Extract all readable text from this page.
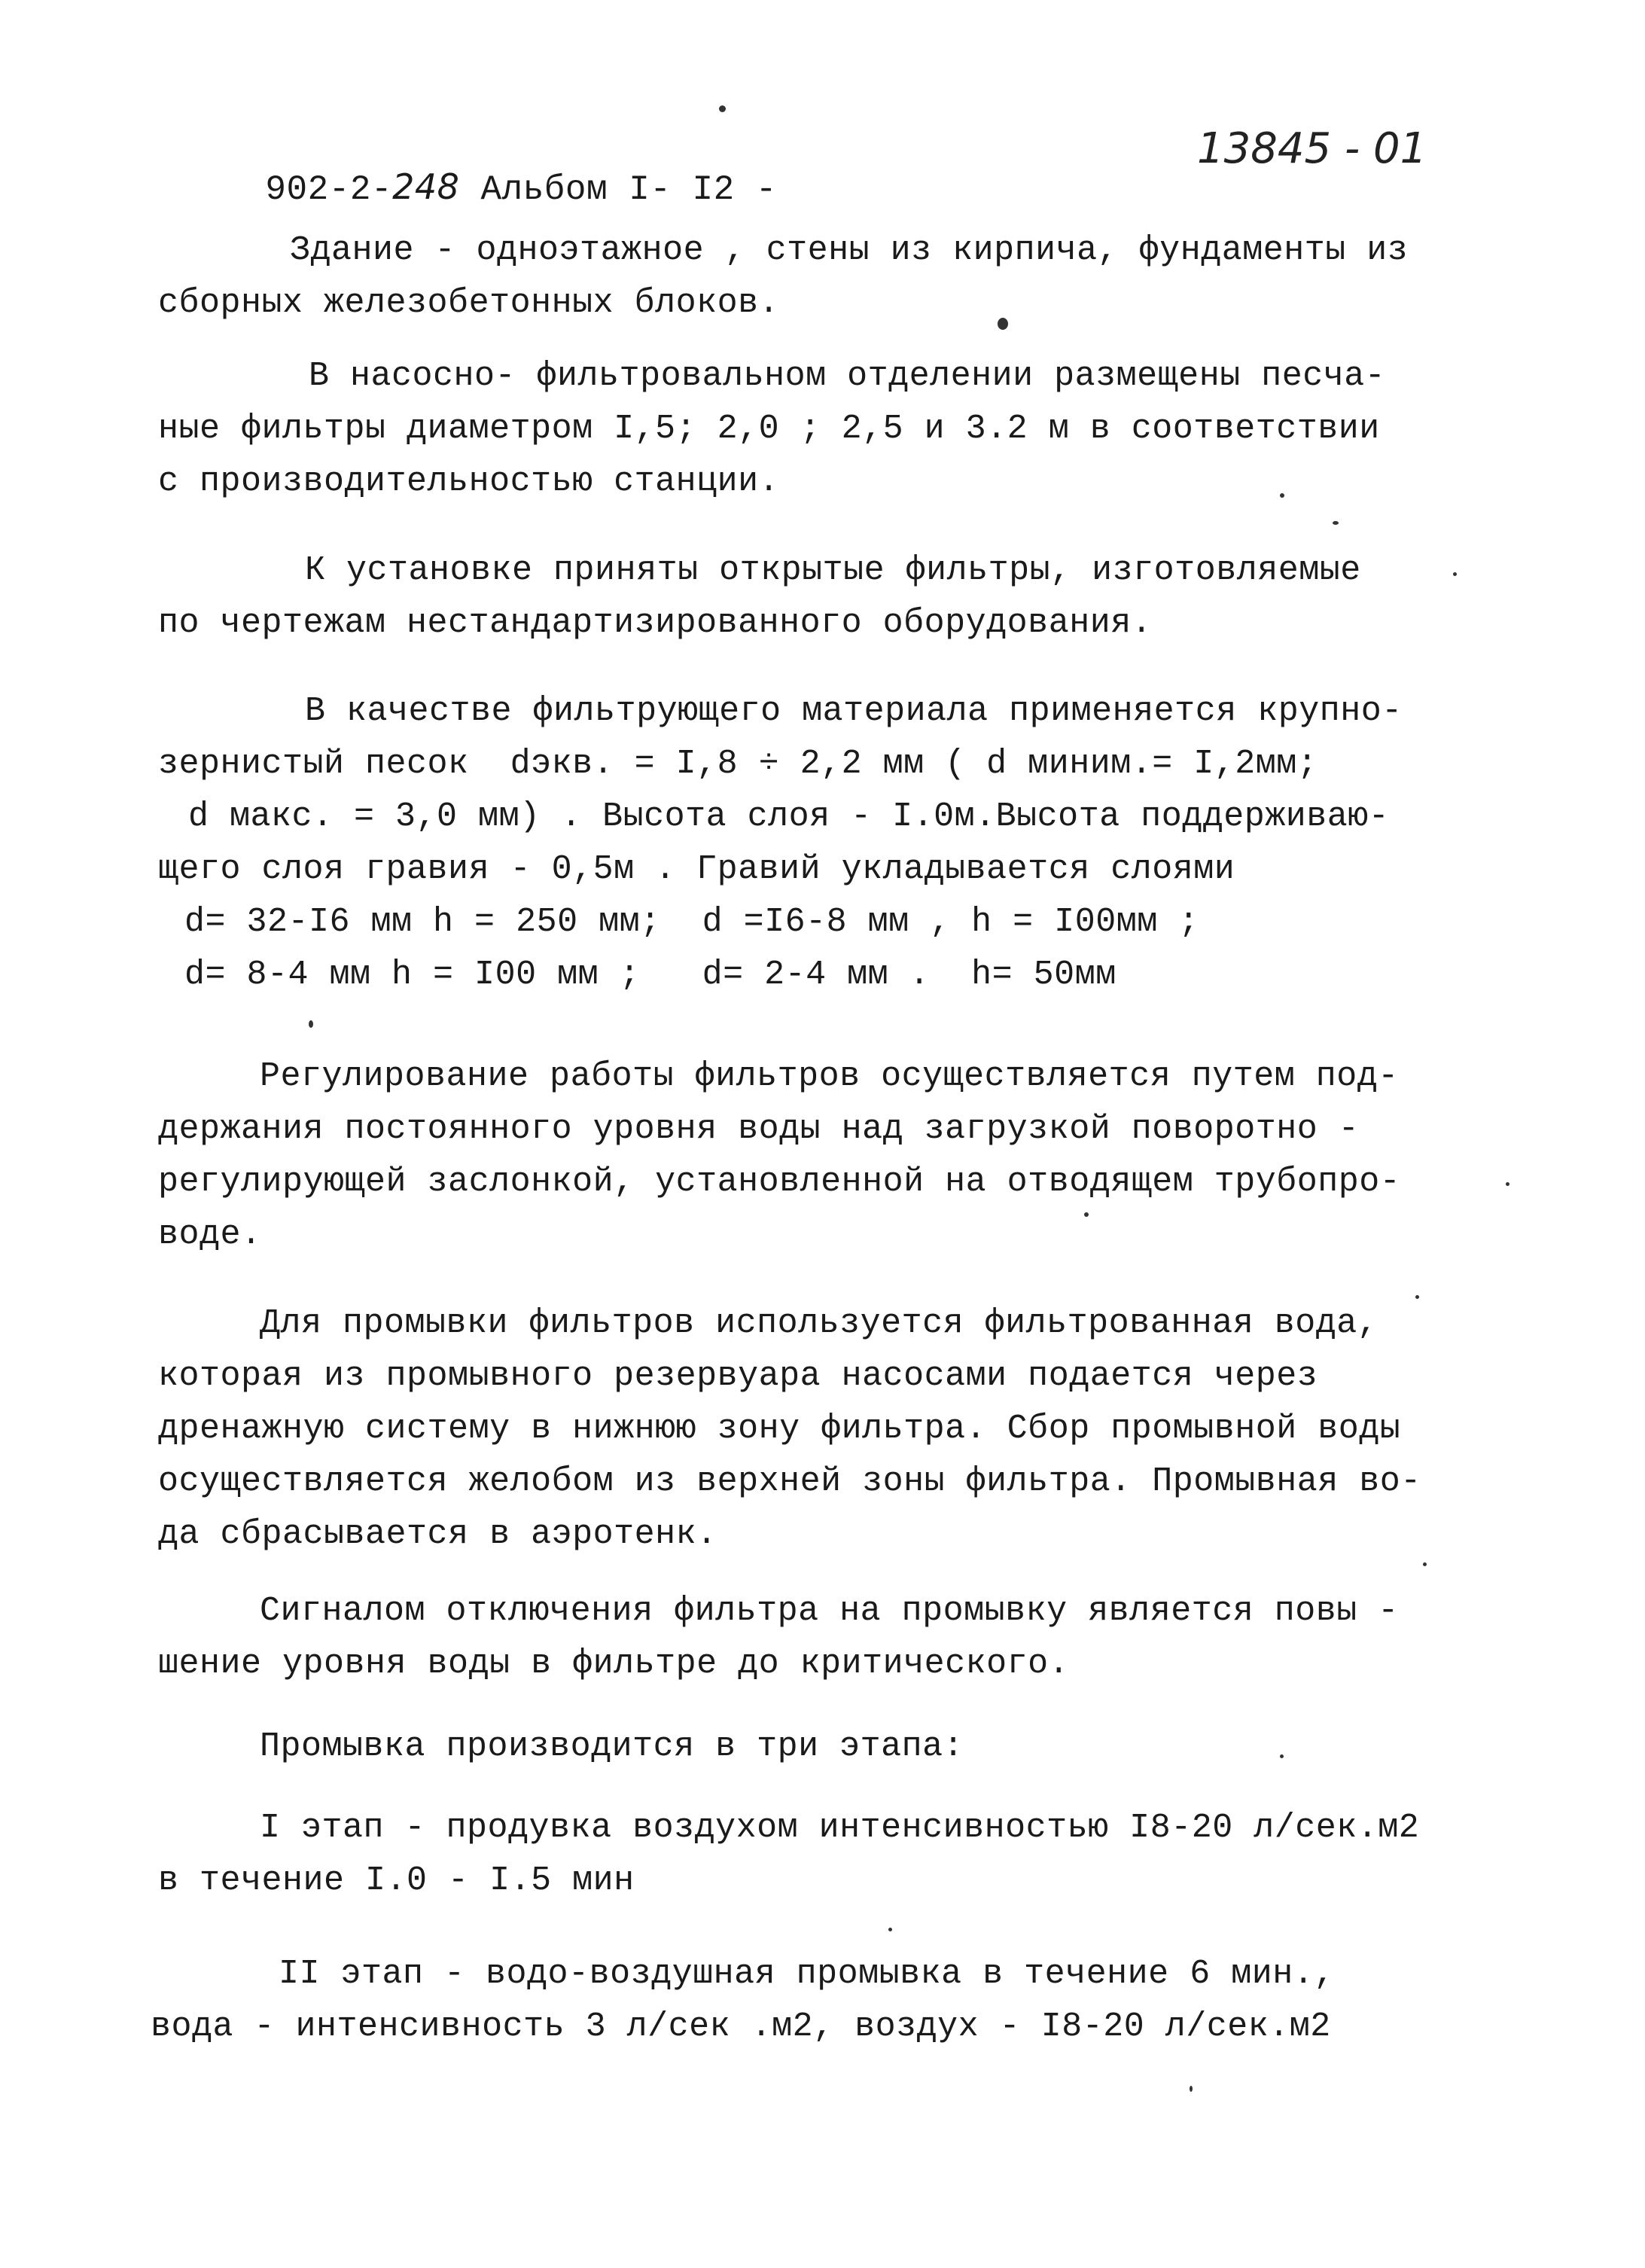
902-2-248 Альбом I- I2 -

13845 - 01
Здание - одноэтажное , стены из кирпича, фундаменты из
сборных железобетонных блоков.
В насосно- фильтровальном отделении размещены песча-
ные фильтры диаметром I,5; 2,0 ; 2,5 и 3.2 м в соответствии
с производительностью станции.
К установке приняты открытые фильтры, изготовляемые
по чертежам нестандартизированного оборудования.
В качестве фильтрующего материала применяется крупно-
зернистый песок  dэкв. = I,8 ÷ 2,2 мм ( d миним.= I,2мм;
d макс. = 3,0 мм) . Высота слоя - I.0м.Высота поддерживаю-
щего слоя гравия - 0,5м . Гравий укладывается слоями
d= 32-I6 мм h = 250 мм;  d =I6-8 мм , h = I00мм ;
d= 8-4 мм h = I00 мм ;   d= 2-4 мм .  h= 50мм
Регулирование работы фильтров осуществляется путем под-
держания постоянного уровня воды над загрузкой поворотно -
регулирующей заслонкой, установленной на отводящем трубопро-
воде.
Для промывки фильтров используется фильтрованная вода,
которая из промывного резервуара насосами подается через
дренажную систему в нижнюю зону фильтра. Сбор промывной воды
осуществляется желобом из верхней зоны фильтра. Промывная во-
да сбрасывается в аэротенк.
Сигналом отключения фильтра на промывку является повы -
шение уровня воды в фильтре до критического.
Промывка производится в три этапа:
I этап - продувка воздухом интенсивностью I8-20 л/сек.м2
в течение I.0 - I.5 мин
II этап - водо-воздушная промывка в течение 6 мин.,
вода - интенсивность 3 л/сек .м2, воздух - I8-20 л/сек.м2
